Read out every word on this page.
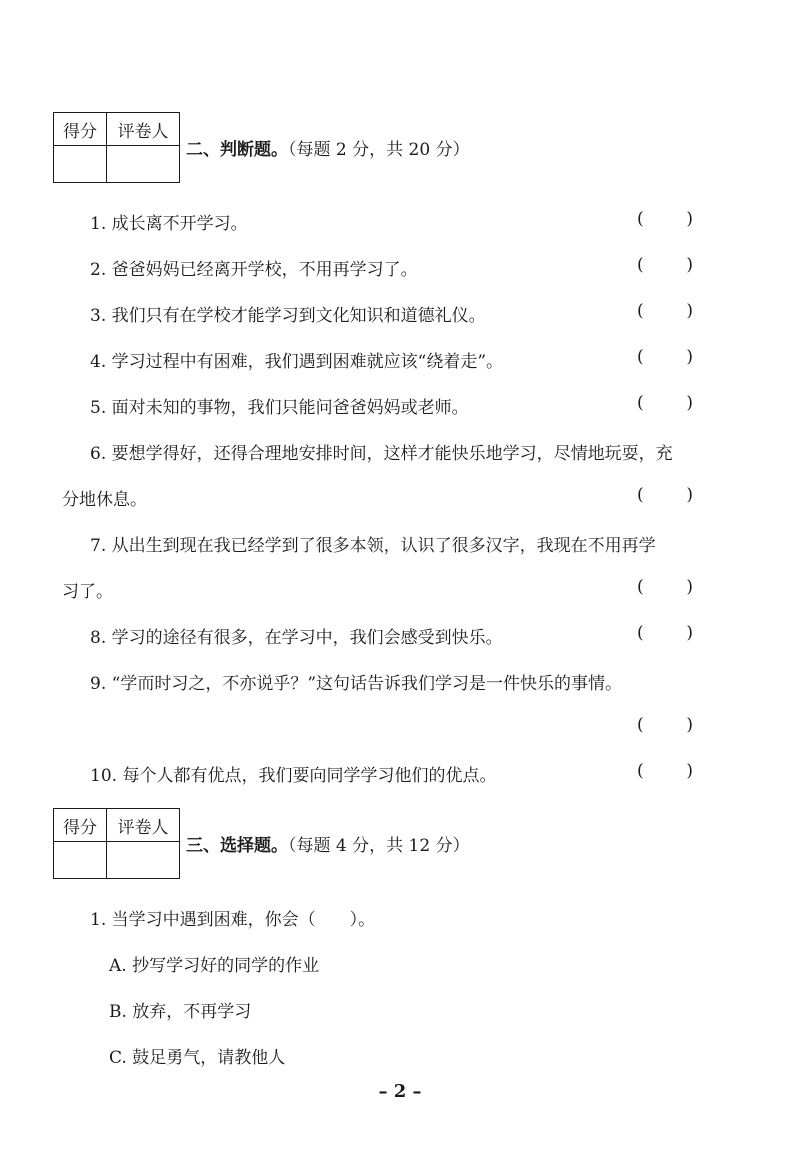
得分	评卷人

二、判断题。（每题 2 分，共 20 分）
1. 成长离不开学习。	(	)
2. 爸爸妈妈已经离开学校，不用再学习了。	(	)
3. 我们只有在学校才能学习到文化知识和道德礼仪。	(	)
4. 学习过程中有困难，我们遇到困难就应该“绕着走”。	(	)
5. 面对未知的事物，我们只能问爸爸妈妈或老师。	(	)
6. 要想学得好，还得合理地安排时间，这样才能快乐地学习，尽情地玩耍，充
分地休息。	(	)
7. 从出生到现在我已经学到了很多本领，认识了很多汉字，我现在不用再学
习了。	(	)
8. 学习的途径有很多，在学习中，我们会感受到快乐。	(	)
9. “学而时习之，不亦说乎？”这句话告诉我们学习是一件快乐的事情。
(	)
10. 每个人都有优点，我们要向同学学习他们的优点。	(	)
得分	评卷人

三、选择题。（每题 4 分，共 12 分）
1. 当学习中遇到困难，你会（　　）。
A. 抄写学习好的同学的作业
B. 放弃，不再学习
C. 鼓足勇气，请教他人
– 2 –
